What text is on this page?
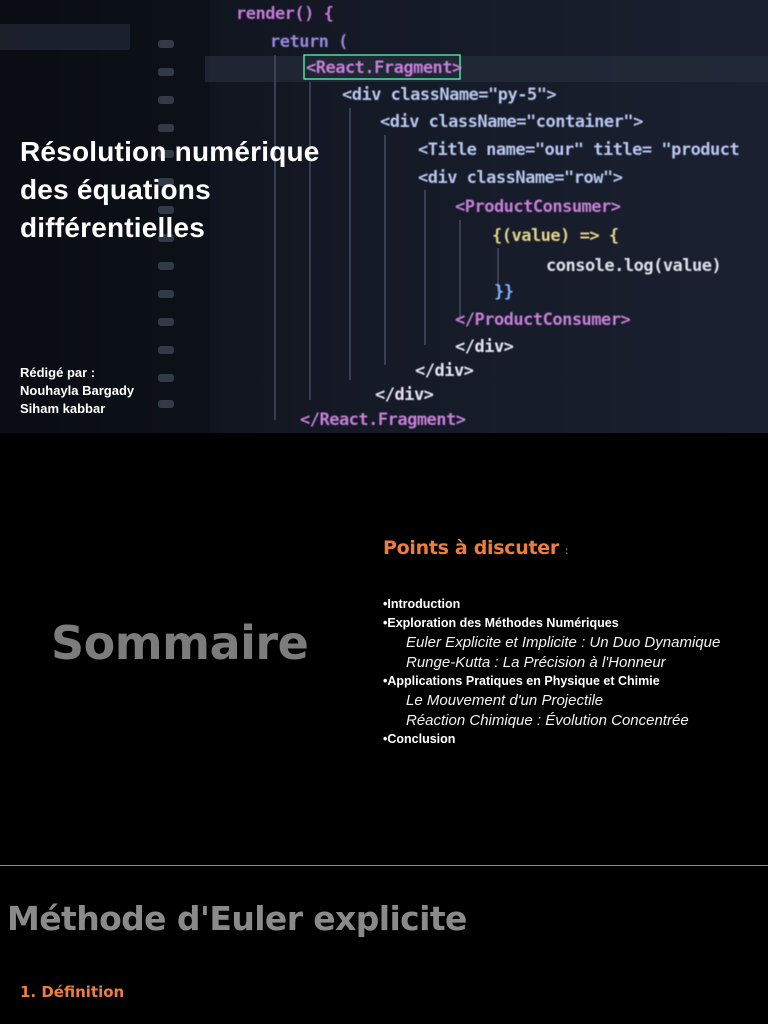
render() {
return (
<React.Fragment>
<div className="py-5">
<div className="container">
<Title name="our" title= "product
<div className="row">
<ProductConsumer>
{(value) => {
console.log(value)
}}
</ProductConsumer>
</div>
</div>
</div>
</React.Fragment>
Résolution numérique
des équations
différentielles
Rédigé par :
Nouhayla Bargady
Siham kabbar
Sommaire
Points à discuter :
•Introduction
•Exploration des Méthodes Numériques
Euler Explicite et Implicite : Un Duo Dynamique
Runge-Kutta : La Précision à l'Honneur
•Applications Pratiques en Physique et Chimie
Le Mouvement d'un Projectile
Réaction Chimique : Évolution Concentrée
•Conclusion
Méthode d'Euler explicite
1. Définition
